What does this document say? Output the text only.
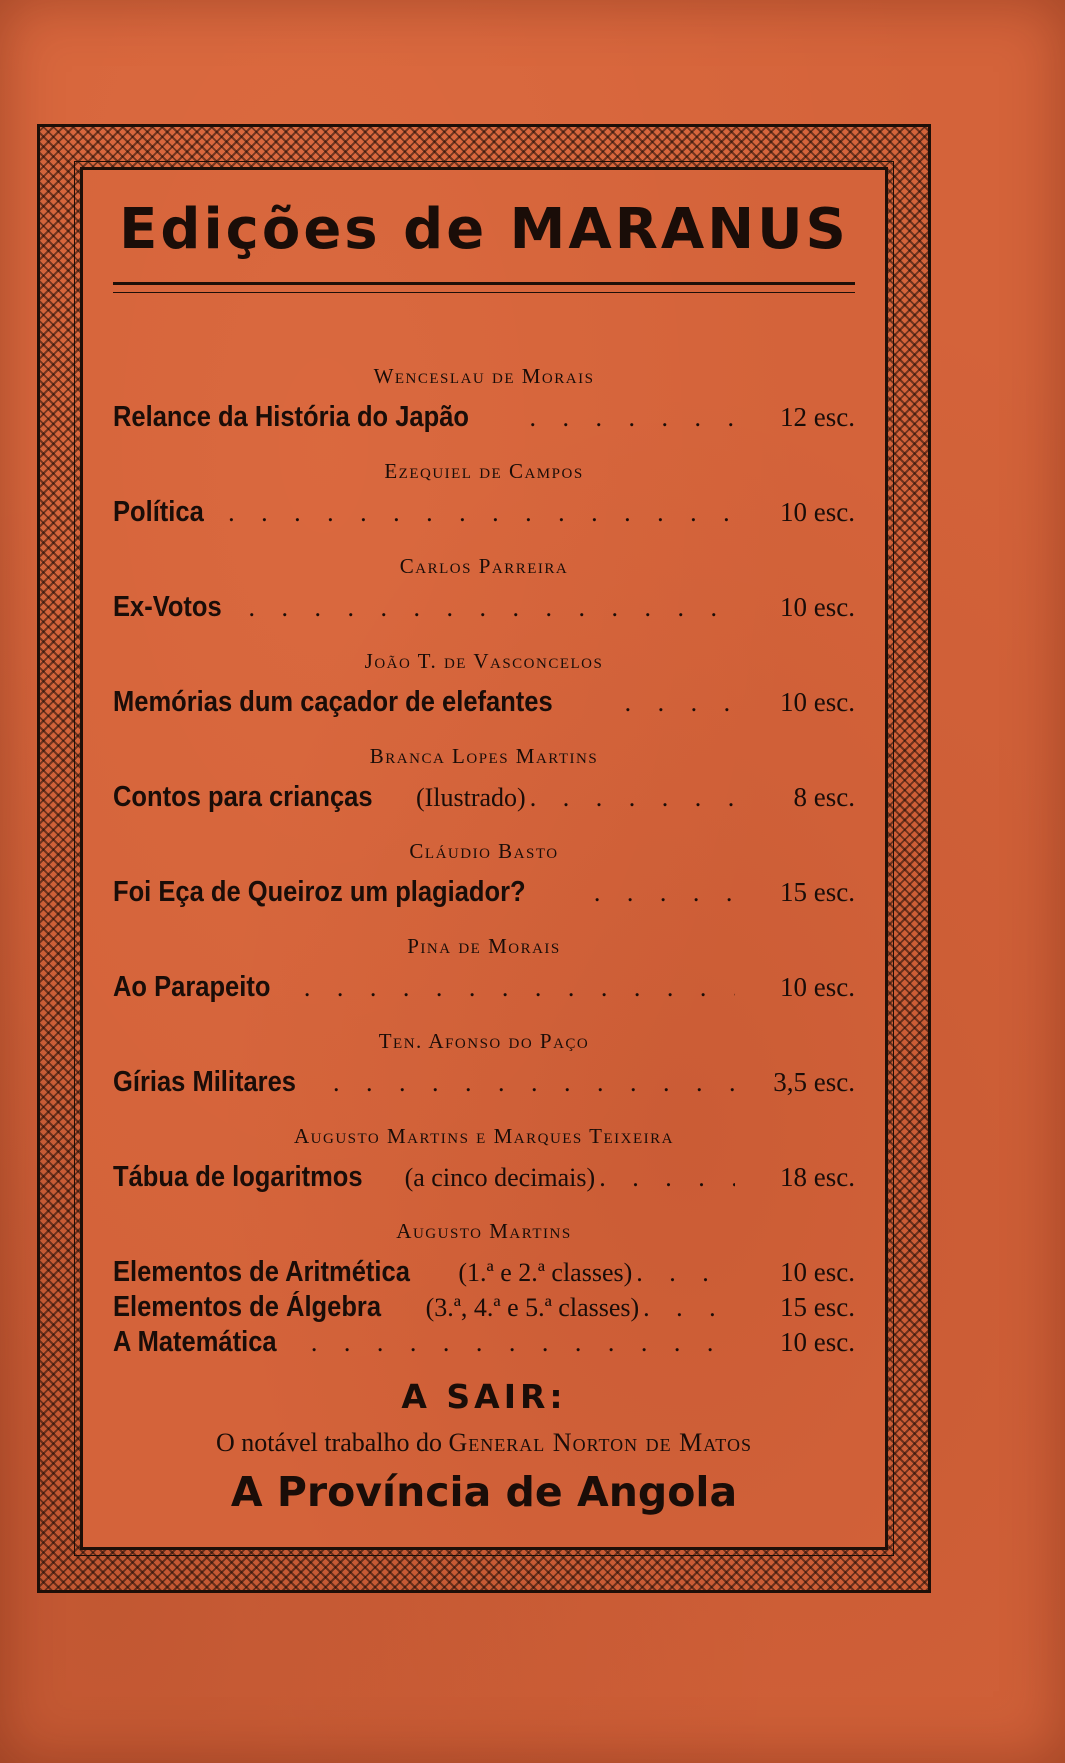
Edições de MARANUS
Wenceslau de Morais
Relance da História do Japão . . .	12 esc.
Ezequiel de Campos
Política . . .	10 esc.
Carlos Parreira
Ex-Votos . . .	10 esc.
João T. de Vasconcelos
Memórias dum caçador de elefantes . . .	10 esc.
Branca Lopes Martins
Contos para crianças (Ilustrado) . . .	8 esc.
Cláudio Basto
Foi Eça de Queiroz um plagiador? . . .	15 esc.
Pina de Morais
Ao Parapeito . . .	10 esc.
Ten. Afonso do Paço
Gírias Militares . . .	3,5 esc.
Augusto Martins e Marques Teixeira
Tábua de logaritmos (a cinco decimais) . . .	18 esc.
Augusto Martins
Elementos de Aritmética (1.ª e 2.ª classes) . . .	10 esc.
Elementos de Álgebra (3.ª, 4.ª e 5.ª classes) . . .	15 esc.
A Matemática . . .	10 esc.
A SAIR:
O notável trabalho do General Norton de Matos
A Província de Angola
